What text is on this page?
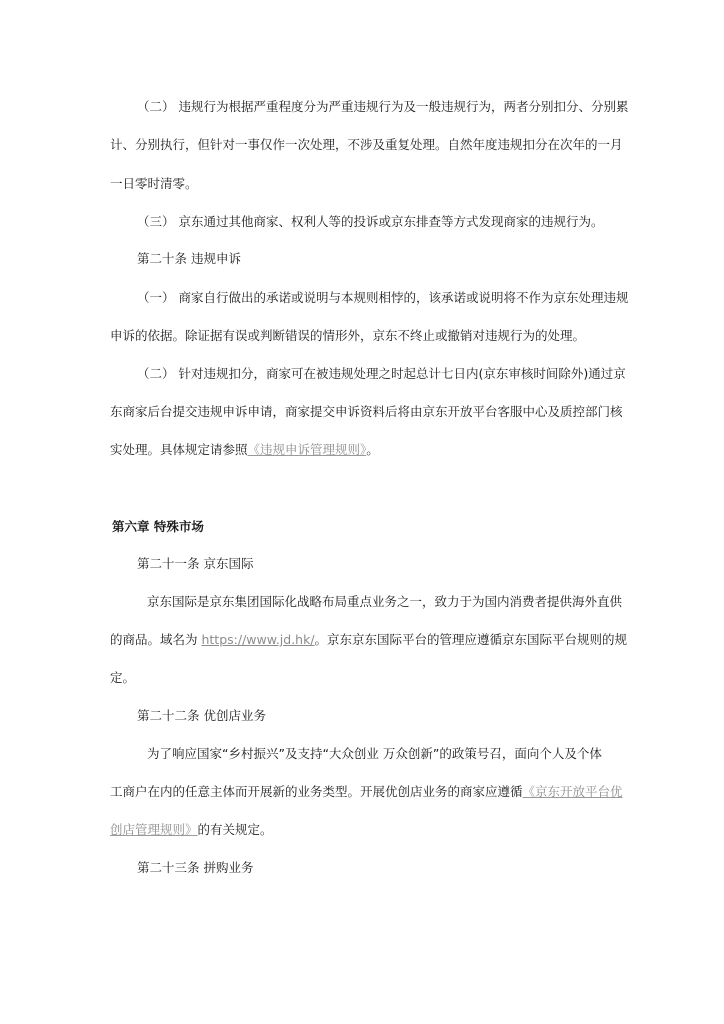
（二） 违规行为根据严重程度分为严重违规行为及一般违规行为，两者分别扣分、分别累
计、分别执行，但针对一事仅作一次处理，不涉及重复处理。自然年度违规扣分在次年的一月
一日零时清零。
（三） 京东通过其他商家、权利人等的投诉或京东排查等方式发现商家的违规行为。
第二十条 违规申诉
（一） 商家自行做出的承诺或说明与本规则相悖的，该承诺或说明将不作为京东处理违规
申诉的依据。除证据有误或判断错误的情形外，京东不终止或撤销对违规行为的处理。
（二） 针对违规扣分，商家可在被违规处理之时起总计七日内(京东审核时间除外)通过京
东商家后台提交违规申诉申请，商家提交申诉资料后将由京东开放平台客服中心及质控部门核
实处理。具体规定请参照《违规申诉管理规则》。
第六章 特殊市场
第二十一条 京东国际
京东国际是京东集团国际化战略布局重点业务之一，致力于为国内消费者提供海外直供
的商品。域名为 https://www.jd.hk/。京东京东国际平台的管理应遵循京东国际平台规则的规
定。
第二十二条 优创店业务
为了响应国家“乡村振兴”及支持“大众创业 万众创新”的政策号召，面向个人及个体
工商户在内的任意主体而开展新的业务类型。开展优创店业务的商家应遵循《京东开放平台优
创店管理规则》的有关规定。
第二十三条 拼购业务
